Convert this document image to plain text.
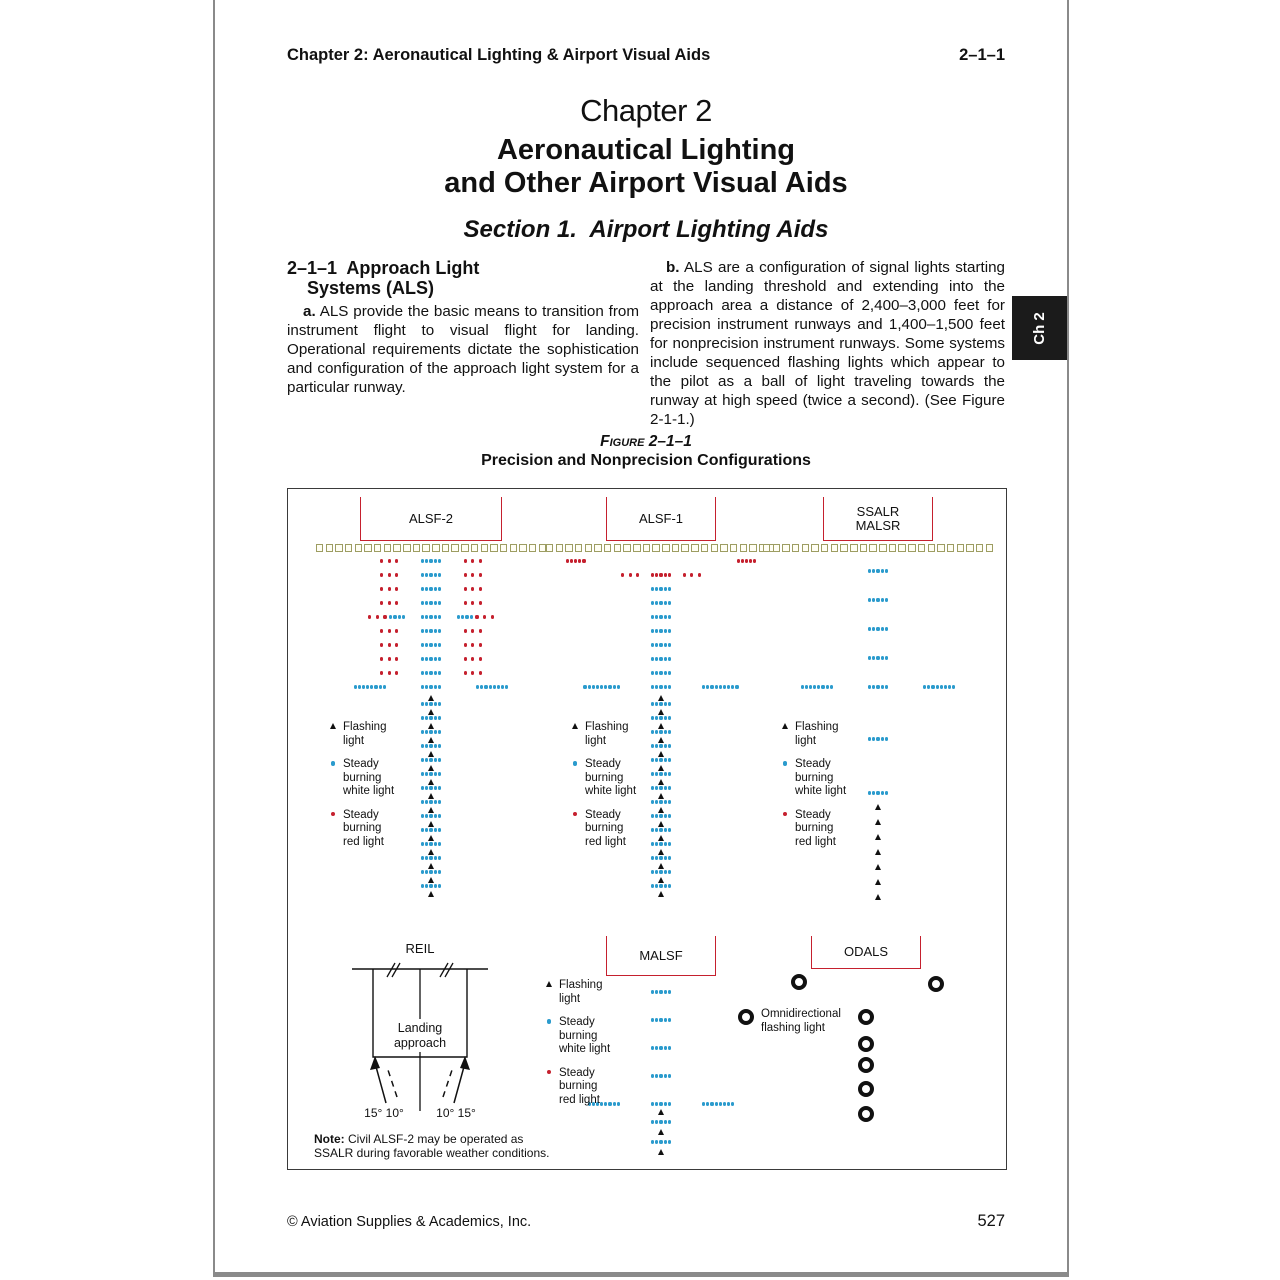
Chapter 2: Aeronautical Lighting & Airport Visual Aids	2–1–1
Chapter 2
Aeronautical Lighting
and Other Airport Visual Aids
Section 1.  Airport Lighting Aids
2–1–1  Approach Light
Systems (ALS)

a. ALS provide the basic means to transition from instrument flight to visual flight for landing. Operational requirements dictate the sophistication and configuration of the approach light system for a particular runway.

b. ALS are a configuration of signal lights starting at the landing threshold and extending into the approach area a distance of 2,400–3,000 feet for precision instrument runways and 1,400–1,500 feet for nonprecision instrument runways. Some systems include sequenced flashing lights which appear to the pilot as a ball of light traveling towards the runway at high speed (twice a second). (See Figure 2-1-1.)

Ch 2
Figure 2–1–1
Precision and Nonprecision Configurations
ALSF-2	ALSF-1	SSALR
MALSR
Flashing
light
Steady
burning
white light
Steady
burning
red light
Flashing
light
Steady
burning
white light
Steady
burning
red light
Flashing
light
Steady
burning
white light
Steady
burning
red light
REIL
Landing
approach
15° 10°	10° 15°
MALSF
Flashing
light
Steady
burning
white light
Steady
burning
red light
ODALS
Omnidirectional
flashing light
Note: Civil ALSF-2 may be operated as SSALR during favorable weather conditions.
© Aviation Supplies & Academics, Inc.	527
